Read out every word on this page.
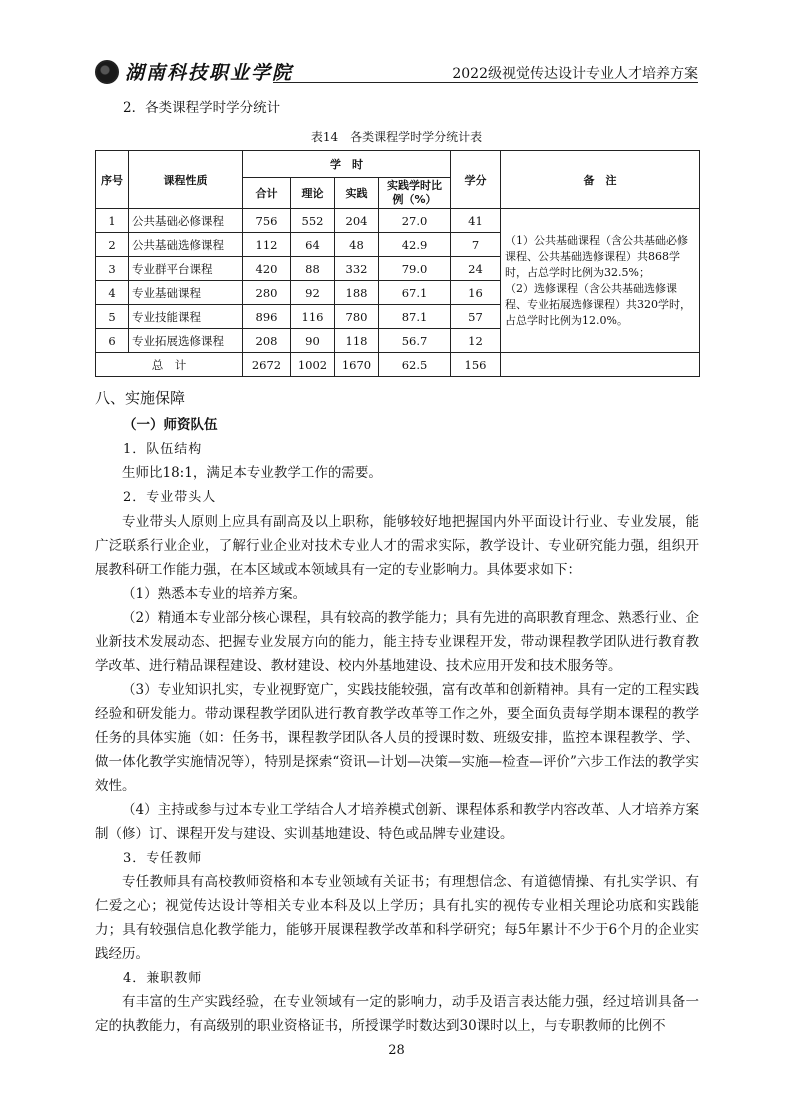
湖南科技职业学院	2022级视觉传达设计专业人才培养方案
2．各类课程学时学分统计
表14　各类课程学时学分统计表
序号	课程性质	学　时				学分	备　注
		合计	理论	实践	实践学时比例（%）		
1	公共基础必修课程	756	552	204	27.0	41	（1）公共基础课程（含公共基础必修课程、公共基础选修课程）共868学时，占总学时比例为32.5%；
（2）选修课程（含公共基础选修课程、专业拓展选修课程）共320学时，占总学时比例为12.0%。

2	公共基础选修课程	112	64	48	42.9	7	
3	专业群平台课程	420	88	332	79.0	24	
4	专业基础课程	280	92	188	67.1	16	
5	专业技能课程	896	116	780	87.1	57	
6	专业拓展选修课程	208	90	118	56.7	12	
总　计		2672	1002	1670	62.5	156	
八、实施保障
（一）师资队伍
1．队伍结构
生师比18:1，满足本专业教学工作的需要。
2．专业带头人
专业带头人原则上应具有副高及以上职称，能够较好地把握国内外平面设计行业、专业发展，能广泛联系行业企业，了解行业企业对技术专业人才的需求实际，教学设计、专业研究能力强，组织开展教科研工作能力强，在本区域或本领域具有一定的专业影响力。具体要求如下：
（1）熟悉本专业的培养方案。
（2）精通本专业部分核心课程，具有较高的教学能力；具有先进的高职教育理念、熟悉行业、企业新技术发展动态、把握专业发展方向的能力，能主持专业课程开发，带动课程教学团队进行教育教学改革、进行精品课程建设、教材建设、校内外基地建设、技术应用开发和技术服务等。
（3）专业知识扎实，专业视野宽广，实践技能较强，富有改革和创新精神。具有一定的工程实践经验和研发能力。带动课程教学团队进行教育教学改革等工作之外，要全面负责每学期本课程的教学任务的具体实施（如：任务书，课程教学团队各人员的授课时数、班级安排，监控本课程教学、学、做一体化教学实施情况等），特别是探索“资讯—计划—决策—实施—检查—评价”六步工作法的教学实效性。
（4）主持或参与过本专业工学结合人才培养模式创新、课程体系和教学内容改革、人才培养方案制（修）订、课程开发与建设、实训基地建设、特色或品牌专业建设。
3．专任教师
专任教师具有高校教师资格和本专业领域有关证书；有理想信念、有道德情操、有扎实学识、有仁爱之心；视觉传达设计等相关专业本科及以上学历；具有扎实的视传专业相关理论功底和实践能力；具有较强信息化教学能力，能够开展课程教学改革和科学研究；每5年累计不少于6个月的企业实践经历。
4．兼职教师
有丰富的生产实践经验，在专业领域有一定的影响力，动手及语言表达能力强，经过培训具备一定的执教能力，有高级别的职业资格证书，所授课学时数达到30课时以上，与专职教师的比例不
28
